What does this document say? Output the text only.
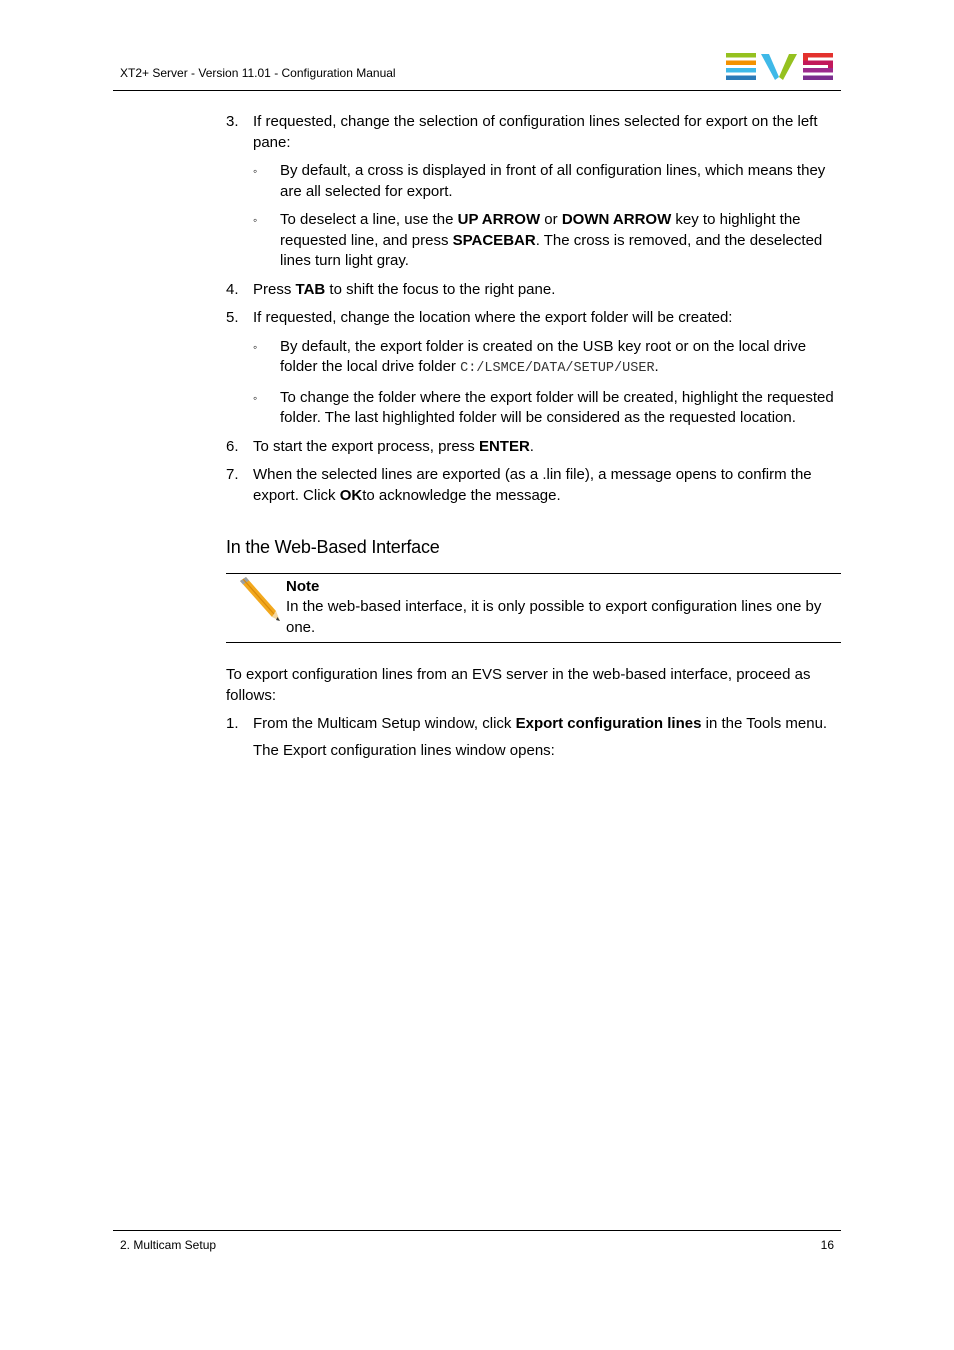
XT2+ Server - Version 11.01 - Configuration Manual
3. If requested, change the selection of configuration lines selected for export on the left pane:
◦ By default, a cross is displayed in front of all configuration lines, which means they are all selected for export.
◦ To deselect a line, use the UP ARROW or DOWN ARROW key to highlight the requested line, and press SPACEBAR. The cross is removed, and the deselected lines turn light gray.
4. Press TAB to shift the focus to the right pane.
5. If requested, change the location where the export folder will be created:
◦ By default, the export folder is created on the USB key root or on the local drive folder the local drive folder C:/LSMCE/DATA/SETUP/USER.
◦ To change the folder where the export folder will be created, highlight the requested folder. The last highlighted folder will be considered as the requested location.
6. To start the export process, press ENTER.
7. When the selected lines are exported (as a .lin file), a message opens to confirm the export. Click OKto acknowledge the message.
In the Web-Based Interface
Note
In the web-based interface, it is only possible to export configuration lines one by one.
To export configuration lines from an EVS server in the web-based interface, proceed as follows:
1. From the Multicam Setup window, click Export configuration lines in the Tools menu.
The Export configuration lines window opens:
2. Multicam Setup	16
